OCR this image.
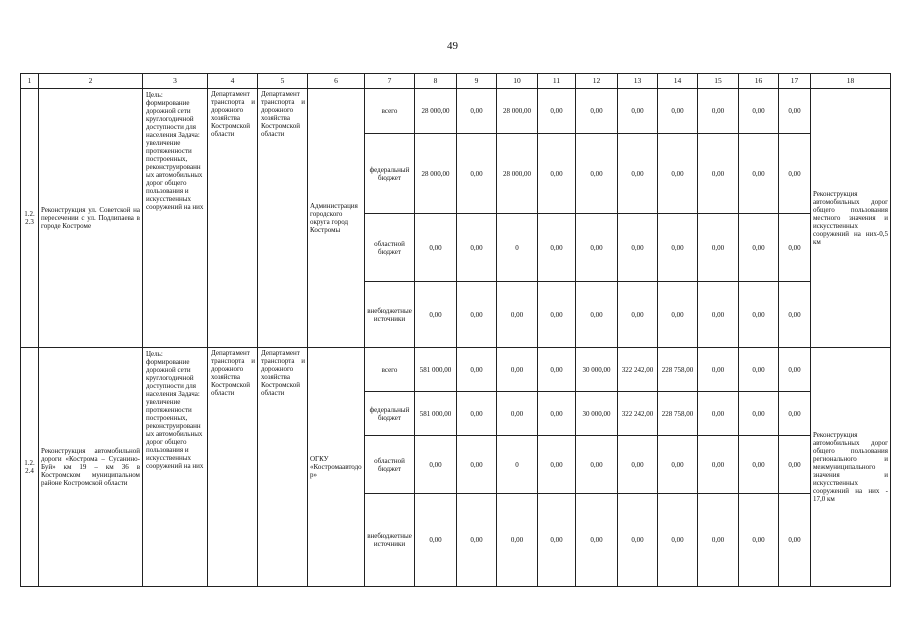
49
1	2	3	4	5	6	7	8	9	10	11	12	13	14	15	16	17	18
1.2.2.3	Реконструкция ул. Советской на пересечении с ул. Подлипаева в городе Костроме	Цель: формирование дорожной сети круглогодичной доступности для населения Задача: увеличение протяженности построенных, реконструированных автомобильных дорог общего пользования и искусственных сооружений на них	Департамент транспорта и дорожного хозяйства Костромской области	Департамент транспорта и дорожного хозяйства Костромской области	Администрация городского округа город Костромы	всего	28 000,00	0,00	28 000,00	0,00	0,00	0,00	0,00	0,00	0,00	0,00	Реконструкция автомобильных дорог общего пользования местного значения и искусственных сооружений на них-0,5 км
						федеральный бюджет	28 000,00	0,00	28 000,00	0,00	0,00	0,00	0,00	0,00	0,00	0,00	
						областной бюджет	0,00	0,00	0	0,00	0,00	0,00	0,00	0,00	0,00	0,00	
						внебюджетные источники	0,00	0,00	0,00	0,00	0,00	0,00	0,00	0,00	0,00	0,00	
1.2.2.4	Реконструкция автомобильной дороги «Кострома – Сусанино-Буй» км 19 – км 36 в Костромском муниципальном районе Костромской области	Цель: формирование дорожной сети круглогодичной доступности для населения Задача: увеличение протяженности построенных, реконструированных автомобильных дорог общего пользования и искусственных сооружений на них	Департамент транспорта и дорожного хозяйства Костромской области	Департамент транспорта и дорожного хозяйства Костромской области	ОГКУ «Костромаавтодор»	всего	581 000,00	0,00	0,00	0,00	30 000,00	322 242,00	228 758,00	0,00	0,00	0,00	Реконструкция автомобильных дорог общего пользования регионального и межмуниципального значения и искусственных сооружений на них - 17,0 км
						федеральный бюджет	581 000,00	0,00	0,00	0,00	30 000,00	322 242,00	228 758,00	0,00	0,00	0,00	
						областной бюджет	0,00	0,00	0	0,00	0,00	0,00	0,00	0,00	0,00	0,00	
						внебюджетные источники	0,00	0,00	0,00	0,00	0,00	0,00	0,00	0,00	0,00	0,00	
